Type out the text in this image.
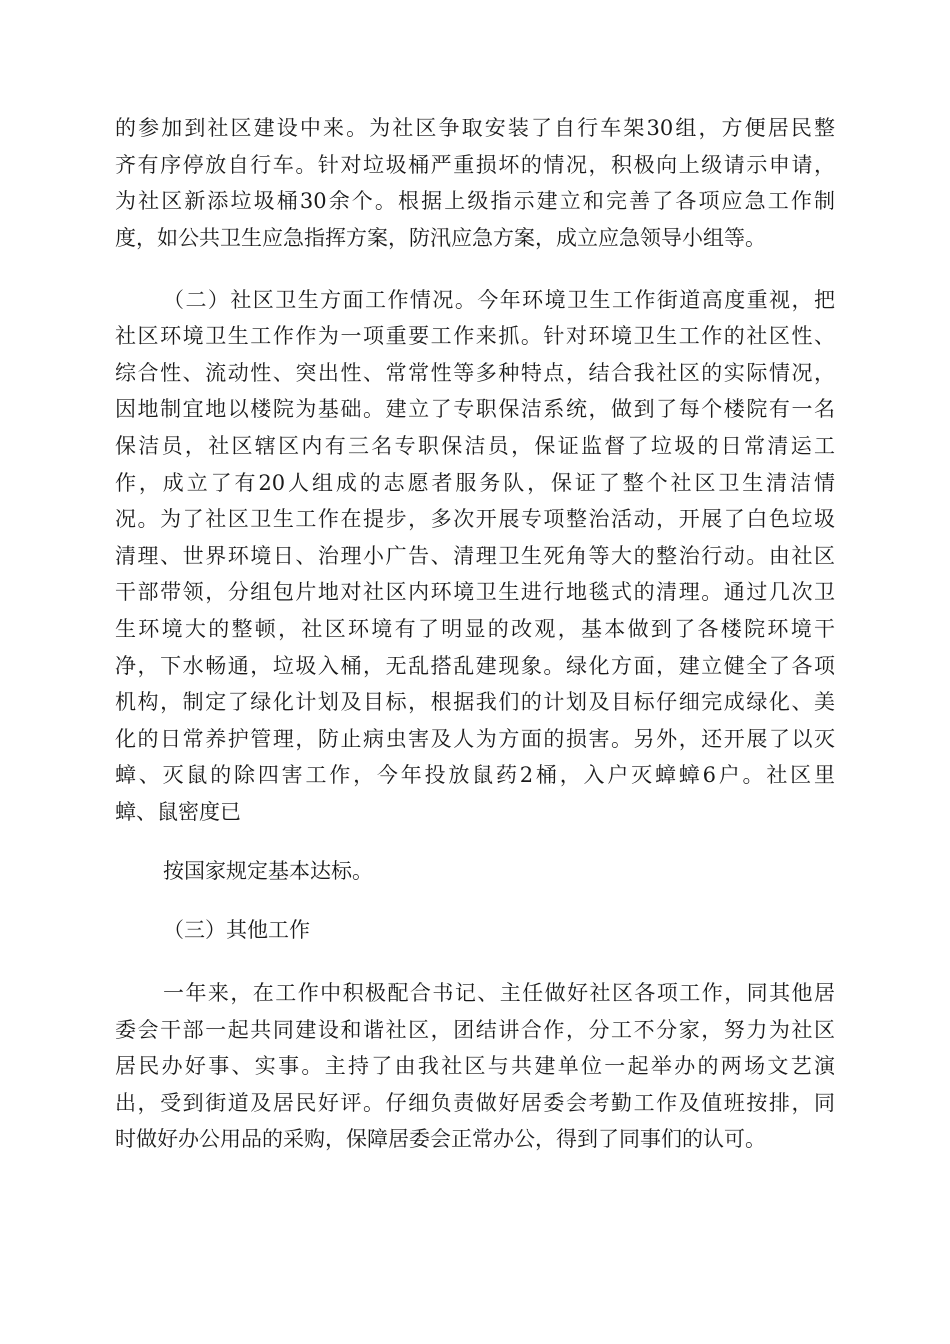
的参加到社区建设中来。为社区争取安装了自行车架30组，方便居民整
齐有序停放自行车。针对垃圾桶严重损坏的情况，积极向上级请示申请，
为社区新添垃圾桶30余个。根据上级指示建立和完善了各项应急工作制
度，如公共卫生应急指挥方案，防汛应急方案，成立应急领导小组等。
（二）社区卫生方面工作情况。今年环境卫生工作街道高度重视，把
社区环境卫生工作作为一项重要工作来抓。针对环境卫生工作的社区性、
综合性、流动性、突出性、常常性等多种特点，结合我社区的实际情况，
因地制宜地以楼院为基础。建立了专职保洁系统，做到了每个楼院有一名
保洁员，社区辖区内有三名专职保洁员，保证监督了垃圾的日常清运工
作，成立了有20人组成的志愿者服务队，保证了整个社区卫生清洁情
况。为了社区卫生工作在提步，多次开展专项整治活动，开展了白色垃圾
清理、世界环境日、治理小广告、清理卫生死角等大的整治行动。由社区
干部带领，分组包片地对社区内环境卫生进行地毯式的清理。通过几次卫
生环境大的整顿，社区环境有了明显的改观，基本做到了各楼院环境干
净，下水畅通，垃圾入桶，无乱搭乱建现象。绿化方面，建立健全了各项
机构，制定了绿化计划及目标，根据我们的计划及目标仔细完成绿化、美
化的日常养护管理，防止病虫害及人为方面的损害。另外，还开展了以灭
蟑、灭鼠的除四害工作，今年投放鼠药2桶，入户灭蟑蟑6户。社区里
蟑、鼠密度已
按国家规定基本达标。
（三）其他工作
一年来，在工作中积极配合书记、主任做好社区各项工作，同其他居
委会干部一起共同建设和谐社区，团结讲合作，分工不分家，努力为社区
居民办好事、实事。主持了由我社区与共建单位一起举办的两场文艺演
出，受到街道及居民好评。仔细负责做好居委会考勤工作及值班按排，同
时做好办公用品的采购，保障居委会正常办公，得到了同事们的认可。
